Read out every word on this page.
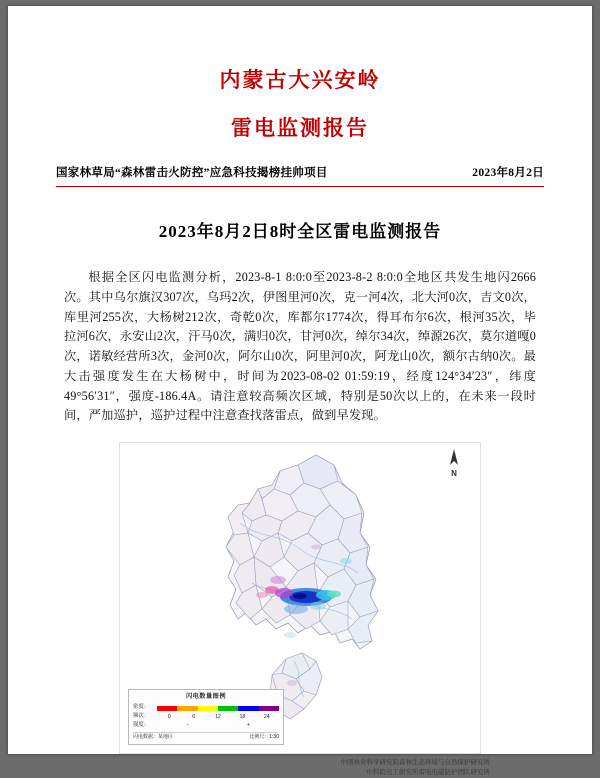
内蒙古大兴安岭
雷电监测报告
国家林草局“森林雷击火防控”应急科技揭榜挂帅项目	2023年8月2日
2023年8月2日8时全区雷电监测报告
根据全区闪电监测分析，2023-8-1 8:0:0至2023-8-2 8:0:0全地区共发生地闪2666次。其中乌尔旗汉307次，乌玛2次，伊图里河0次，克一河4次，北大河0次，吉文0次，库里河255次，大杨树212次，奇乾0次，库都尔1774次，得耳布尔6次，根河35次，毕拉河6次，永安山2次，汗马0次，满归0次，甘河0次，绰尔34次，绰源26次，莫尔道嘎0次，诺敏经营所3次，金河0次，阿尔山0次，阿里河0次，阿龙山0次，额尔古纳0次。最大击强度发生在大杨树中，时间为2023-08-02 01:59:19，经度124°34′23″，纬度49°56′31″，强度-186.4A。请注意较高频次区域，特别是50次以上的，在未来一段时间，严加巡护，巡护过程中注意查找落雷点，做到早发现。
N
闪电数量图例
密度：
频次：	0	6	12	18	24
强度：	-	+
闪电数据：某地区	比例尺：1:30
中国林业科学研究院森林生态环境与自然保护研究所
中科院电工研究所雷电电磁防护团队研究所
